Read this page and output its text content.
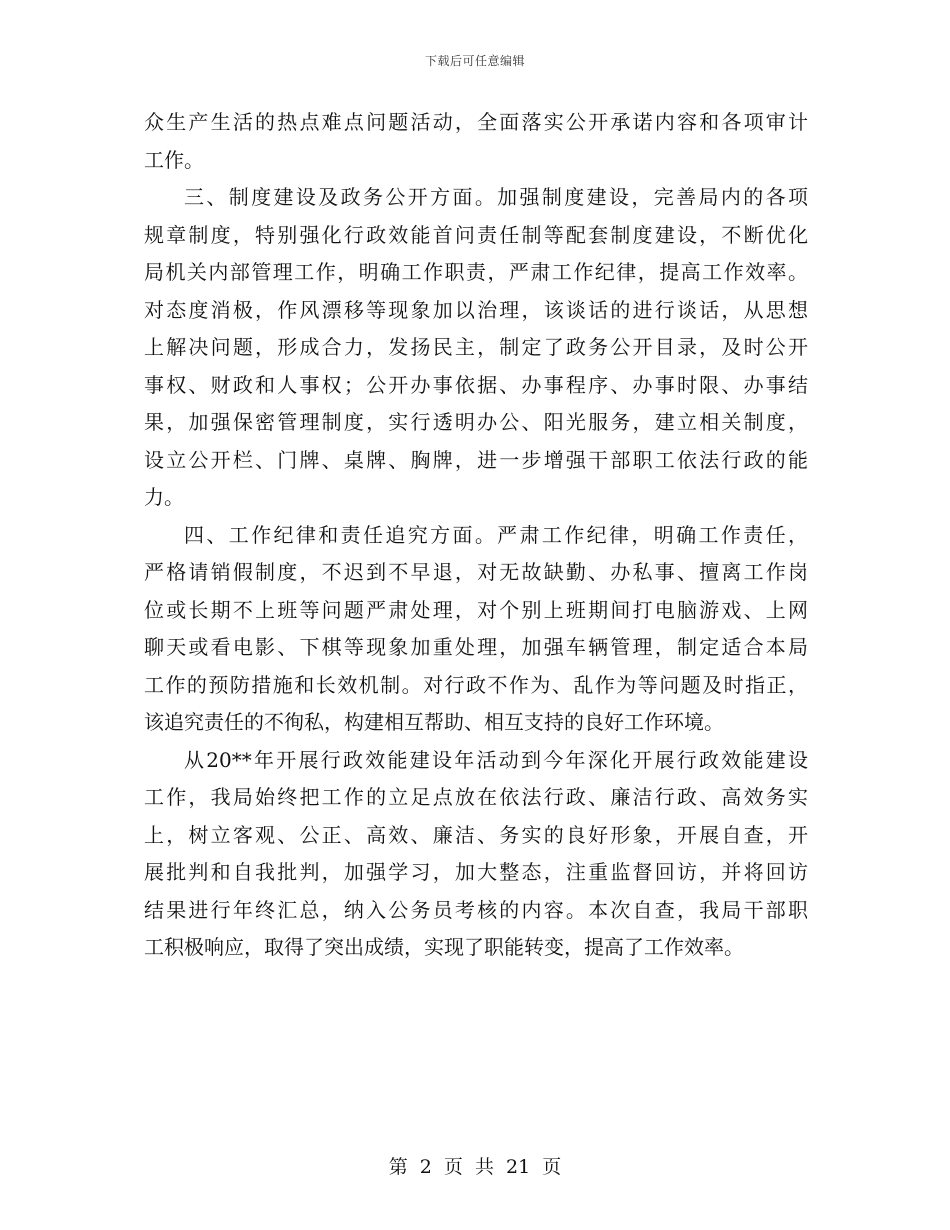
下载后可任意编辑
众生产生活的热点难点问题活动，全面落实公开承诺内容和各项审计
工作。
三、制度建设及政务公开方面。加强制度建设，完善局内的各项
规章制度，特别强化行政效能首问责任制等配套制度建设，不断优化
局机关内部管理工作，明确工作职责，严肃工作纪律，提高工作效率。
对态度消极，作风漂移等现象加以治理，该谈话的进行谈话，从思想
上解决问题，形成合力，发扬民主，制定了政务公开目录，及时公开
事权、财政和人事权；公开办事依据、办事程序、办事时限、办事结
果，加强保密管理制度，实行透明办公、阳光服务，建立相关制度，
设立公开栏、门牌、桌牌、胸牌，进一步增强干部职工依法行政的能
力。
四、工作纪律和责任追究方面。严肃工作纪律，明确工作责任，
严格请销假制度，不迟到不早退，对无故缺勤、办私事、擅离工作岗
位或长期不上班等问题严肃处理，对个别上班期间打电脑游戏、上网
聊天或看电影、下棋等现象加重处理，加强车辆管理，制定适合本局
工作的预防措施和长效机制。对行政不作为、乱作为等问题及时指正，
该追究责任的不徇私，构建相互帮助、相互支持的良好工作环境。
从20**年开展行政效能建设年活动到今年深化开展行政效能建设
工作，我局始终把工作的立足点放在依法行政、廉洁行政、高效务实
上，树立客观、公正、高效、廉洁、务实的良好形象，开展自查，开
展批判和自我批判，加强学习，加大整态，注重监督回访，并将回访
结果进行年终汇总，纳入公务员考核的内容。本次自查，我局干部职
工积极响应，取得了突出成绩，实现了职能转变，提高了工作效率。
第 2 页 共 21 页
